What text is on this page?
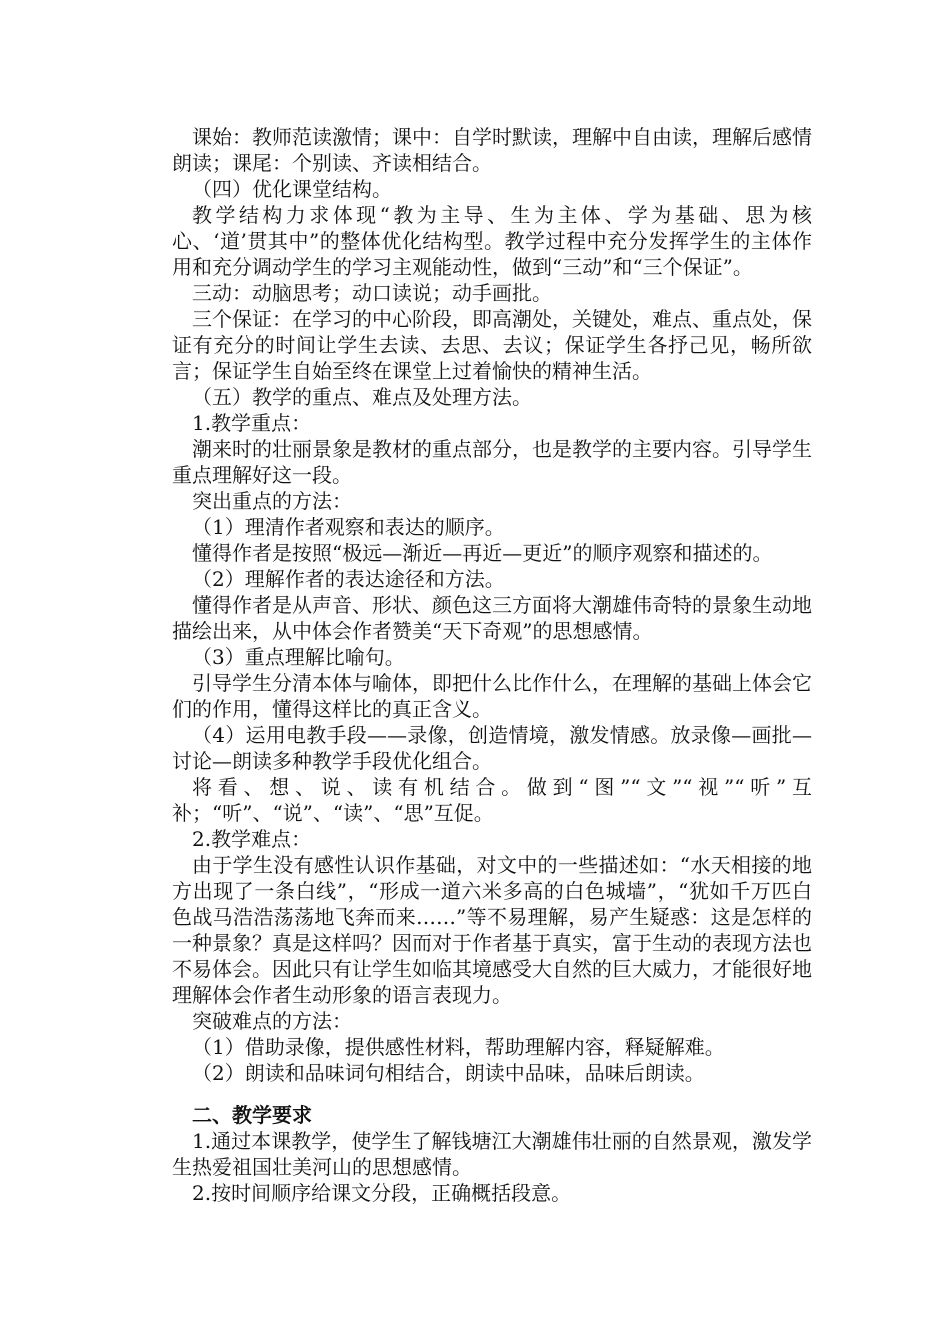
课始：教师范读激情；课中：自学时默读，理解中自由读，理解后感情朗读；课尾：个别读、齐读相结合。

（四）优化课堂结构。

教学结构力求体现“教为主导、生为主体、学为基础、思为核心、‘道’贯其中”的整体优化结构型。教学过程中充分发挥学生的主体作用和充分调动学生的学习主观能动性，做到“三动”和“三个保证”。

三动：动脑思考；动口读说；动手画批。

三个保证：在学习的中心阶段，即高潮处，关键处，难点、重点处，保证有充分的时间让学生去读、去思、去议；保证学生各抒己见，畅所欲言；保证学生自始至终在课堂上过着愉快的精神生活。

（五）教学的重点、难点及处理方法。

1.教学重点：

潮来时的壮丽景象是教材的重点部分，也是教学的主要内容。引导学生重点理解好这一段。

突出重点的方法：

（1）理清作者观察和表达的顺序。

懂得作者是按照“极远—渐近—再近—更近”的顺序观察和描述的。

（2）理解作者的表达途径和方法。

懂得作者是从声音、形状、颜色这三方面将大潮雄伟奇特的景象生动地描绘出来，从中体会作者赞美“天下奇观”的思想感情。

（3）重点理解比喻句。

引导学生分清本体与喻体，即把什么比作什么，在理解的基础上体会它们的作用，懂得这样比的真正含义。

（4）运用电教手段——录像，创造情境，激发情感。放录像—画批—讨论—朗读多种教学手段优化组合。

将看、想、说、读有机结合。做到“图”“文”“视”“听”互补；“听”、“说”、“读”、“思”互促。

2.教学难点：

由于学生没有感性认识作基础，对文中的一些描述如：“水天相接的地方出现了一条白线”，“形成一道六米多高的白色城墙”，“犹如千万匹白色战马浩浩荡荡地飞奔而来……”等不易理解，易产生疑惑：这是怎样的一种景象？真是这样吗？因而对于作者基于真实，富于生动的表现方法也不易体会。因此只有让学生如临其境感受大自然的巨大威力，才能很好地理解体会作者生动形象的语言表现力。

突破难点的方法：

（1）借助录像，提供感性材料，帮助理解内容，释疑解难。

（2）朗读和品味词句相结合，朗读中品味，品味后朗读。

二、教学要求

1.通过本课教学，使学生了解钱塘江大潮雄伟壮丽的自然景观，激发学生热爱祖国壮美河山的思想感情。

2.按时间顺序给课文分段，正确概括段意。
